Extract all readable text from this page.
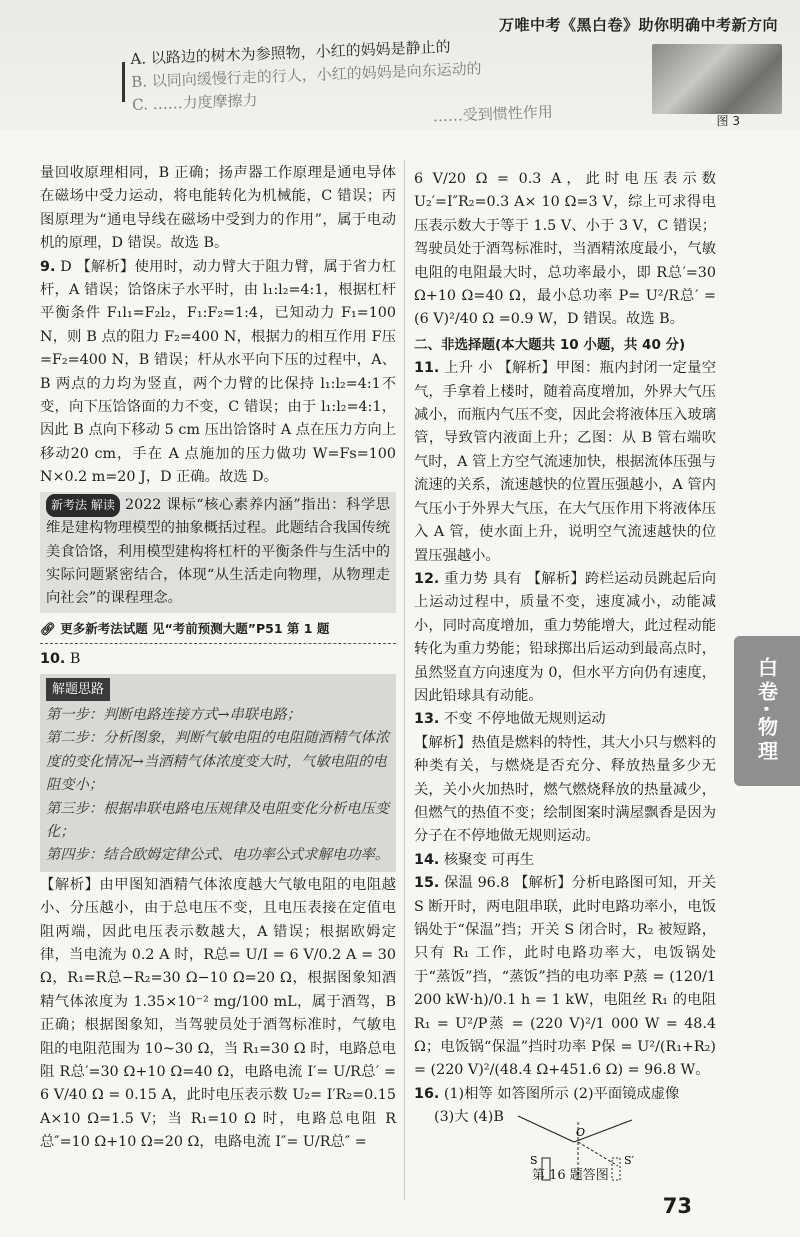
万唯中考《黑白卷》助你明确中考新方向
A. 以路边的树木为参照物，小红的妈妈是静止的
B. 以同向缓慢行走的行人，小红的妈妈是向东运动的
C. ……力度摩擦力
……受到惯性作用	图 3
量回收原理相同，B 正确；扬声器工作原理是通电导体在磁场中受力运动，将电能转化为机械能，C 错误；丙图原理为“通电导线在磁场中受到力的作用”，属于电动机的原理，D 错误。故选 B。
9. D 【解析】使用时，动力臂大于阻力臂，属于省力杠杆，A 错误；饸饹床子水平时，由 l₁:l₂=4:1，根据杠杆平衡条件 F₁l₁=F₂l₂，F₁:F₂=1:4，已知动力 F₁=100 N，则 B 点的阻力 F₂=400 N，根据力的相互作用 F压=F₂=400 N，B 错误；杆从水平向下压的过程中，A、B 两点的力均为竖直，两个力臂的比保持 l₁:l₂=4:1不变，向下压饸饹面的力不变，C 错误；由于 l₁:l₂=4:1，因此 B 点向下移动 5 cm 压出饸饹时 A 点在压力方向上移动20 cm，手在 A 点施加的压力做功 W=Fs=100 N×0.2 m=20 J，D 正确。故选 D。
新考法 解读 2022 课标“核心素养内涵”指出：科学思维是建构物理模型的抽象概括过程。此题结合我国传统美食饸饹，利用模型建构将杠杆的平衡条件与生活中的实际问题紧密结合，体现“从生活走向物理，从物理走向社会”的课程理念。
🔗︎ 更多新考法试题 见“考前预测大题”P51 第 1 题
10. B
解题思路
第一步：判断电路连接方式→串联电路；
第二步：分析图象，判断气敏电阻的电阻随酒精气体浓度的变化情况→当酒精气体浓度变大时，气敏电阻的电阻变小；
第三步：根据串联电路电压规律及电阻变化分析电压变化；
第四步：结合欧姆定律公式、电功率公式求解电功率。
【解析】由甲图知酒精气体浓度越大气敏电阻的电阻越小、分压越小，由于总电压不变，且电压表接在定值电阻两端，因此电压表示数越大，A 错误；根据欧姆定律，当电流为 0.2 A 时，R总= U/I = 6 V/0.2 A = 30 Ω，R₁=R总−R₂=30 Ω−10 Ω=20 Ω，根据图象知酒精气体浓度为 1.35×10⁻² mg/100 mL，属于酒驾，B 正确；根据图象知，当驾驶员处于酒驾标准时，气敏电阻的电阻范围为 10~30 Ω，当 R₁=30 Ω 时，电路总电阻 R总′=30 Ω+10 Ω=40 Ω，电路电流 I′= U/R总′ = 6 V/40 Ω = 0.15 A，此时电压表示数 U₂= I′R₂=0.15 A×10 Ω=1.5 V；当 R₁=10 Ω 时，电路总电阻 R总″=10 Ω+10 Ω=20 Ω，电路电流 I″= U/R总″ =
6 V/20 Ω = 0.3 A，此时电压表示数 U₂′=I″R₂=0.3 A× 10 Ω=3 V，综上可求得电压表示数大于等于 1.5 V、小于 3 V，C 错误；驾驶员处于酒驾标准时，当酒精浓度最小，气敏电阻的电阻最大时，总功率最小，即 R总′=30 Ω+10 Ω=40 Ω，最小总功率 P= U²/R总′ = (6 V)²/40 Ω =0.9 W，D 错误。故选 B。
二、非选择题(本大题共 10 小题，共 40 分)
11. 上升 小 【解析】甲图：瓶内封闭一定量空气，手拿着上楼时，随着高度增加，外界大气压减小，而瓶内气压不变，因此会将液体压入玻璃管，导致管内液面上升；乙图：从 B 管右端吹气时，A 管上方空气流速加快，根据流体压强与流速的关系，流速越快的位置压强越小，A 管内气压小于外界大气压，在大气压作用下将液体压入 A 管，使水面上升，说明空气流速越快的位置压强越小。
12. 重力势 具有 【解析】跨栏运动员跳起后向上运动过程中，质量不变，速度减小，动能减小，同时高度增加，重力势能增大，此过程动能转化为重力势能；铅球掷出后运动到最高点时，虽然竖直方向速度为 0，但水平方向仍有速度，因此铅球具有动能。
13. 不变 不停地做无规则运动
【解析】热值是燃料的特性，其大小只与燃料的种类有关，与燃烧是否充分、释放热量多少无关，关小火加热时，燃气燃烧释放的热量减少，但燃气的热值不变；绘制图案时满屋飘香是因为分子在不停地做无规则运动。
14. 核聚变 可再生
15. 保温 96.8 【解析】分析电路图可知，开关 S 断开时，两电阻串联，此时电路功率小，电饭锅处于“保温”挡；开关 S 闭合时，R₂ 被短路，只有 R₁ 工作，此时电路功率大，电饭锅处于“蒸饭”挡，“蒸饭”挡的电功率 P蒸 = (120/1 200 kW·h)/0.1 h = 1 kW，电阻丝 R₁ 的电阻 R₁ = U²/P蒸 = (220 V)²/1 000 W = 48.4 Ω；电饭锅“保温”挡时功率 P保 = U²/(R₁+R₂) = (220 V)²/(48.4 Ω+451.6 Ω) = 96.8 W。
16. (1)相等 如答图所示 (2)平面镜成虚像
(3)大 (4)B
O
S	S′
第 16 题答图
白卷·物理
73
